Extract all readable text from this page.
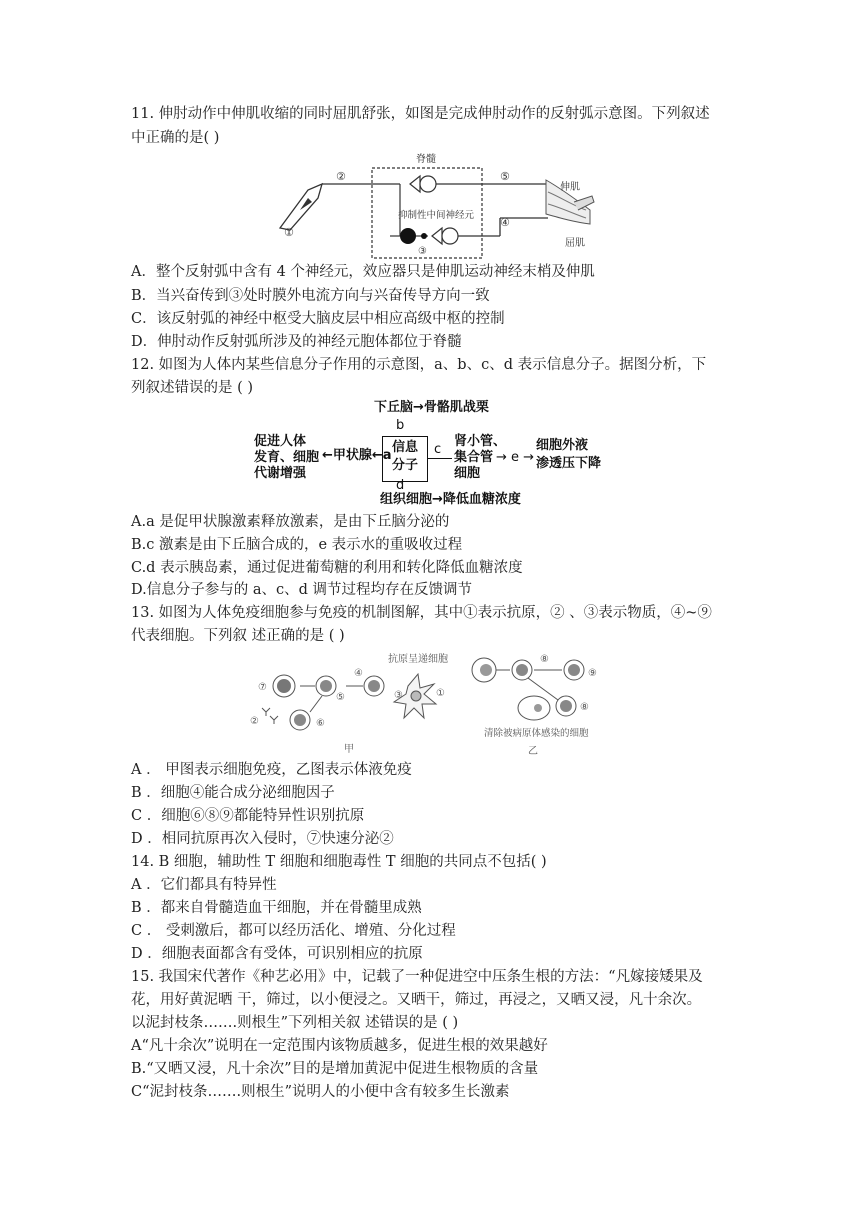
11. 伸肘动作中伸肌收缩的同时屈肌舒张，如图是完成伸肘动作的反射弧示意图。下列叙述
中正确的是( )
①
②
脊髓
⑤
抑制性中间神经元
③
④
伸肌
屈肌
A．整个反射弧中含有 4 个神经元，效应器只是伸肌运动神经末梢及伸肌
B．当兴奋传到③处时膜外电流方向与兴奋传导方向一致
C．该反射弧的神经中枢受大脑皮层中相应高级中枢的控制
D．伸肘动作反射弧所涉及的神经元胞体都位于脊髓
12. 如图为人体内某些信息分子作用的示意图，a、b、c、d 表示信息分子。据图分析，下
列叙述错误的是 ( )
下丘脑→骨骼肌战栗
b
促进人体
发育、细胞
代谢增强
←甲状腺←a
信息
分子
c
肾小管、
集合管
细胞
→ e →
细胞外液
渗透压下降
d
组织细胞→降低血糖浓度
A.a 是促甲状腺激素释放激素，是由下丘脑分泌的
B.c 激素是由下丘脑合成的，e 表示水的重吸收过程
C.d 表示胰岛素，通过促进葡萄糖的利用和转化降低血糖浓度
D.信息分子参与的 a、c、d 调节过程均存在反馈调节
13. 如图为人体免疫细胞参与免疫的机制图解，其中①表示抗原，② 、③表示物质，④~⑨
代表细胞。下列叙 述正确的是 ( )
抗原呈递细胞
①
③
④
⑤
⑦
⑥
②
甲
⑧
⑨
⑧
清除被病原体感染的细胞
乙
A ． 甲图表示细胞免疫，乙图表示体液免疫
B ．细胞④能合成分泌细胞因子
C ．细胞⑥⑧⑨都能特异性识别抗原
D ．相同抗原再次入侵时，⑦快速分泌②
14. B 细胞，辅助性 T 细胞和细胞毒性 T 细胞的共同点不包括( )
A ．它们都具有特异性
B ．都来自骨髓造血干细胞，并在骨髓里成熟
C ． 受刺激后，都可以经历活化、增殖、分化过程
D ．细胞表面都含有受体，可识别相应的抗原
15. 我国宋代著作《种艺必用》中，记载了一种促进空中压条生根的方法：“凡嫁接矮果及
花，用好黄泥晒 干，筛过，以小便浸之。又晒干，筛过，再浸之，又晒又浸，凡十余次。
以泥封枝条…….则根生”下列相关叙 述错误的是 ( )
A“凡十余次”说明在一定范围内该物质越多，促进生根的效果越好
B.“又晒又浸，凡十余次”目的是增加黄泥中促进生根物质的含量
C“泥封枝条…….则根生”说明人的小便中含有较多生长激素
